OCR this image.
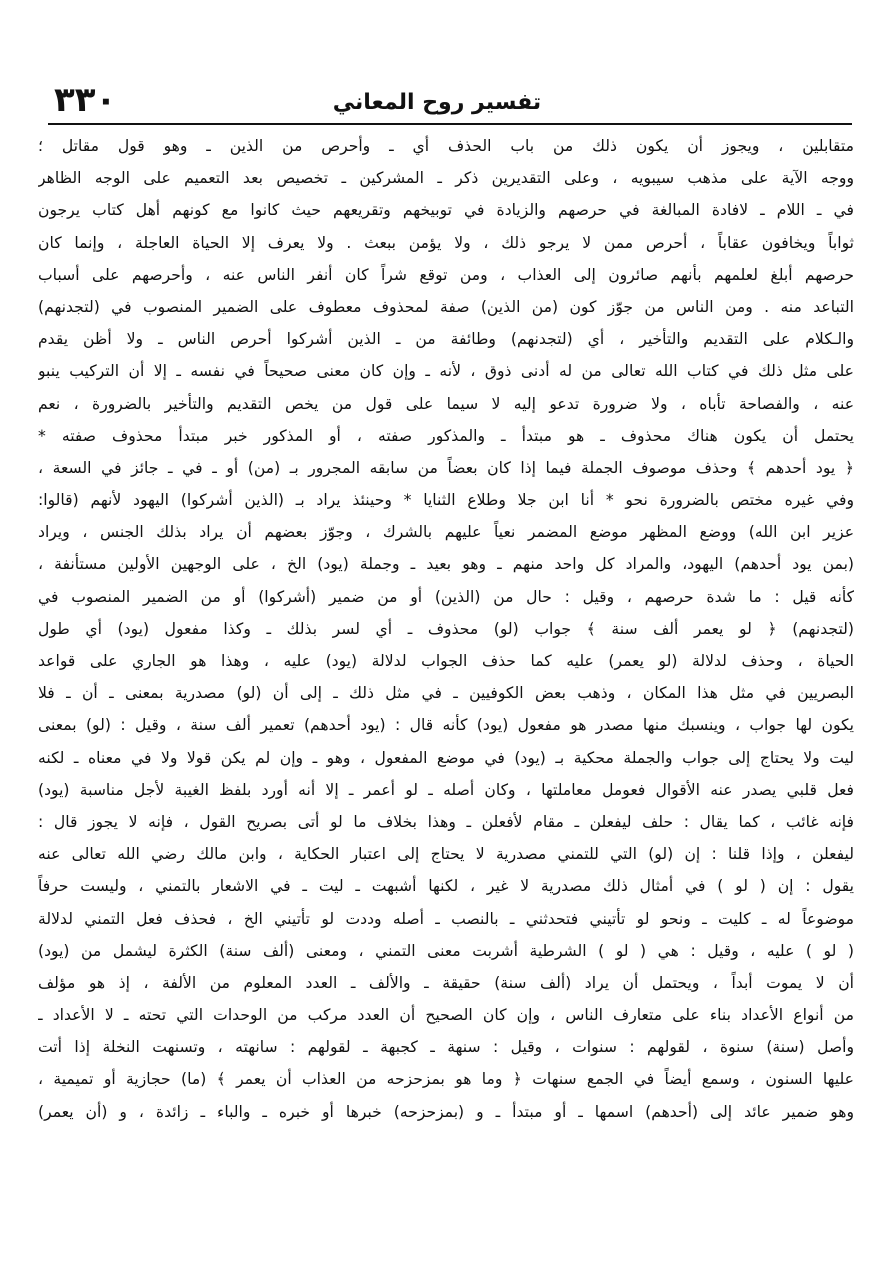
٣٣٠	تفسير روح المعاني
متقابلين ، ويجوز أن يكون ذلك من باب الحذف أي ـ وأحرص من الذين ـ وهو قول مقاتل ؛
ووجه الآية على مذهب سيبويه ، وعلى التقديرين ذكر ـ المشركين ـ تخصيص بعد التعميم على الوجه الظاهر
في ـ اللام ـ لافادة المبالغة في حرصهم والزيادة في توبيخهم وتقريعهم حيث كانوا مع كونهم أهل كتاب يرجون
ثواباً ويخافون عقاباً ، أحرص ممن لا يرجو ذلك ، ولا يؤمن ببعث . ولا يعرف إلا الحياة العاجلة ، وإنما كان
حرصهم أبلغ لعلمهم بأنهم صائرون إلى العذاب ، ومن توقع شراً كان أنفر الناس عنه ، وأحرصهم على أسباب
التباعد منه . ومن الناس من جوّز كون (من الذين) صفة لمحذوف معطوف على الضمير المنصوب في (لتجدنهم)
والـكلام على التقديم والتأخير ، أي (لتجدنهم) وطائفة من ـ الذين أشركوا أحرص الناس ـ ولا أظن يقدم
على مثل ذلك في كتاب الله تعالى من له أدنى ذوق ، لأنه ـ وإن كان معنى صحيحاً في نفسه ـ إلا أن التركيب ينبو
عنه ، والفصاحة تأباه ، ولا ضرورة تدعو إليه لا سيما على قول من يخص التقديم والتأخير بالضرورة ، نعم
يحتمل أن يكون هناك محذوف ـ هو مبتدأ ـ والمذكور صفته ، أو المذكور خبر مبتدأ محذوف صفته *
﴿ يود أحدهم ﴾ وحذف موصوف الجملة فيما إذا كان بعضاً من سابقه المجرور بـ (من) أو ـ في ـ جائز في السعة ،
وفي غيره مختص بالضرورة نحو * أنا ابن جلا وطلاع الثنايا * وحينئذ يراد بـ (الذين أشركوا) اليهود لأنهم (قالوا:
عزير ابن الله) ووضع المظهر موضع المضمر نعياً عليهم بالشرك ، وجوّز بعضهم أن يراد بذلك الجنس ، ويراد
(بمن يود أحدهم) اليهود، والمراد كل واحد منهم ـ وهو بعيد ـ وجملة (يود) الخ ، على الوجهين الأولين مستأنفة ،
كأنه قيل : ما شدة حرصهم ، وقيل : حال من (الذين) أو من ضمير (أشركوا) أو من الضمير المنصوب في
(لتجدنهم) ﴿ لو يعمر ألف سنة ﴾ جواب (لو) محذوف ـ أي لسر بذلك ـ وكذا مفعول (يود) أي طول
الحياة ، وحذف لدلالة (لو يعمر) عليه كما حذف الجواب لدلالة (يود) عليه ، وهذا هو الجاري على قواعد
البصريين في مثل هذا المكان ، وذهب بعض الكوفيين ـ في مثل ذلك ـ إلى أن (لو) مصدرية بمعنى ـ أن ـ فلا
يكون لها جواب ، وينسبك منها مصدر هو مفعول (يود) كأنه قال : (يود أحدهم) تعمير ألف سنة ، وقيل : (لو) بمعنى
ليت ولا يحتاج إلى جواب والجملة محكية بـ (يود) في موضع المفعول ، وهو ـ وإن لم يكن قولا ولا في معناه ـ لكنه
فعل قلبي يصدر عنه الأقوال فعومل معاملتها ، وكان أصله ـ لو أعمر ـ إلا أنه أورد بلفظ الغيبة لأجل مناسبة (يود)
فإنه غائب ، كما يقال : حلف ليفعلن ـ مقام لأفعلن ـ وهذا بخلاف ما لو أتى بصريح القول ، فإنه لا يجوز قال :
ليفعلن ، وإذا قلنا : إن (لو) التي للتمني مصدرية لا يحتاج إلى اعتبار الحكاية ، وابن مالك رضي الله تعالى عنه
يقول : إن ( لو ) في أمثال ذلك مصدرية لا غير ، لكنها أشبهت ـ ليت ـ في الاشعار بالتمني ، وليست حرفاً
موضوعاً له ـ كليت ـ ونحو لو تأتيني فتحدثني ـ بالنصب ـ أصله وددت لو تأتيني الخ ، فحذف فعل التمني لدلالة
( لو ) عليه ، وقيل : هي ( لو ) الشرطية أشربت معنى التمني ، ومعنى (ألف سنة) الكثرة ليشمل من (يود)
أن لا يموت أبداً ، ويحتمل أن يراد (ألف سنة) حقيقة ـ والألف ـ العدد المعلوم من الألفة ، إذ هو مؤلف
من أنواع الأعداد بناء على متعارف الناس ، وإن كان الصحيح أن العدد مركب من الوحدات التي تحته ـ لا الأعداد ـ
وأصل (سنة) سنوة ، لقولهم : سنوات ، وقيل : سنهة ـ كجبهة ـ لقولهم : سانهته ، وتسنهت النخلة إذا أتت
عليها السنون ، وسمع أيضاً في الجمع سنهات ﴿ وما هو بمزحزحه من العذاب أن يعمر ﴾ (ما) حجازية أو تميمية ،
وهو ضمير عائد إلى (أحدهم) اسمها ـ أو مبتدأ ـ و (بمزحزحه) خبرها أو خبره ـ والباء ـ زائدة ، و (أن يعمر)
